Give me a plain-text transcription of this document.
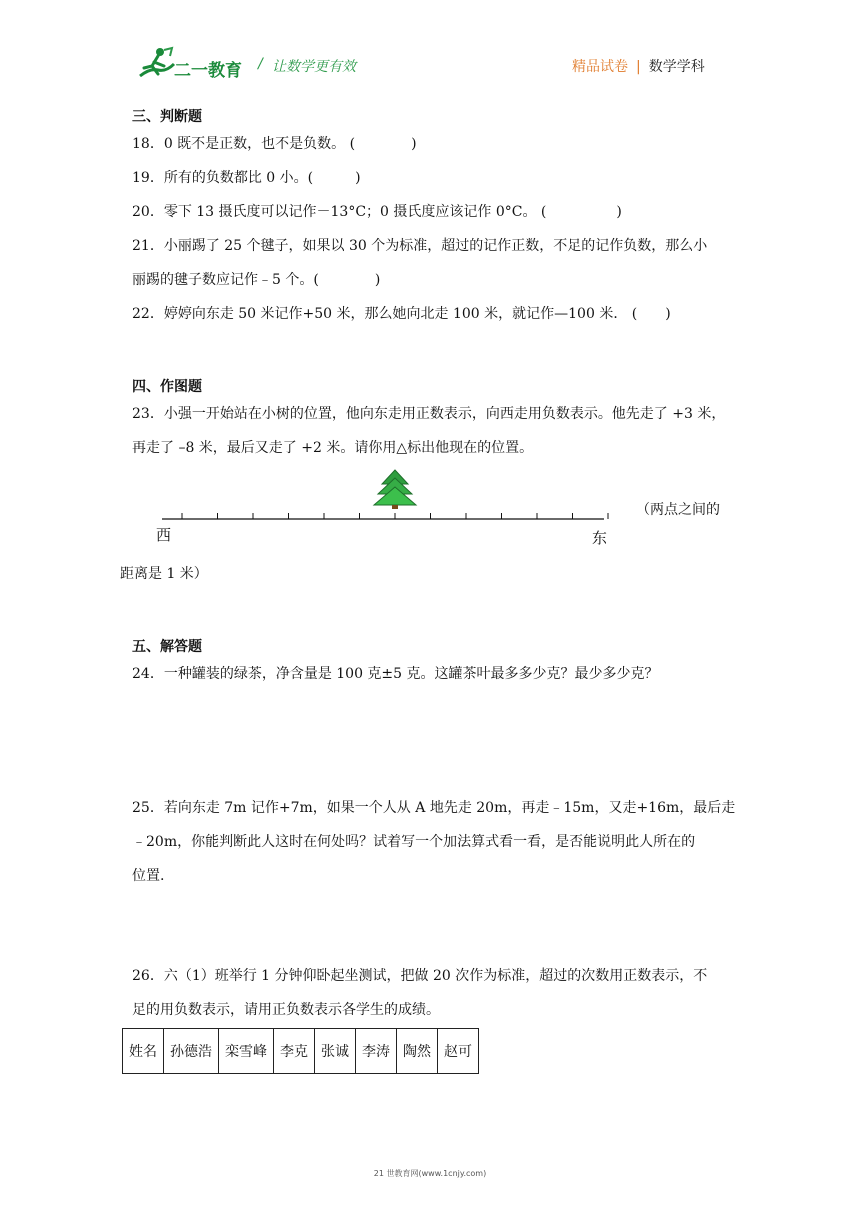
二一教育 / 让数学更有效	精品试卷 | 数学学科
三、判断题
18．0 既不是正数，也不是负数。 (　　　　)
19．所有的负数都比 0 小。(　　　)
20．零下 13 摄氏度可以记作－13°C；0 摄氏度应该记作 0°C。 (　　　　　)
21．小丽踢了 25 个毽子，如果以 30 个为标准，超过的记作正数，不足的记作负数，那么小
丽踢的毽子数应记作﹣5 个。(　　　　)
22．婷婷向东走 50 米记作+50 米，那么她向北走 100 米，就记作—100 米． (　　)
四、作图题
23．小强一开始站在小树的位置，他向东走用正数表示，向西走用负数表示。他先走了 +3 米，
再走了 –8 米，最后又走了 +2 米。请你用△标出他现在的位置。
西	东
（两点之间的
距离是 1 米）
五、解答题
24．一种罐装的绿茶，净含量是 100 克±5 克。这罐茶叶最多多少克？最少多少克？
25．若向东走 7m 记作+7m，如果一个人从 A 地先走 20m，再走﹣15m，又走+16m，最后走
﹣20m，你能判断此人这时在何处吗？试着写一个加法算式看一看，是否能说明此人所在的
位置.
26．六（1）班举行 1 分钟仰卧起坐测试，把做 20 次作为标准，超过的次数用正数表示，不
足的用负数表示，请用正负数表示各学生的成绩。
姓名	孙德浩	栾雪峰	李克	张诚	李涛	陶然	赵可
21 世教育网(www.1cnjy.com)
